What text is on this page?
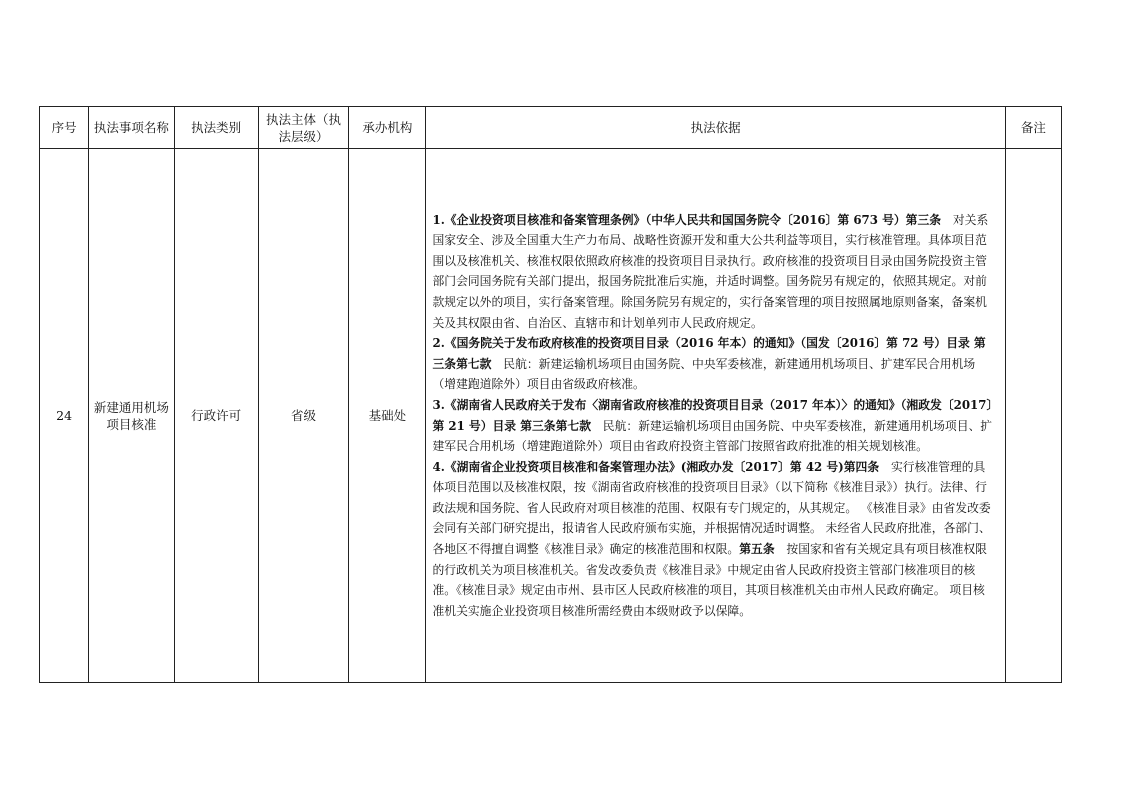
序号	执法事项名称	执法类别	执法主体（执法层级）	承办机构	执法依据	备注
24	新建通用机场项目核准	行政许可	省级	基础处	1.《企业投资项目核准和备案管理条例》（中华人民共和国国务院令〔2016〕第 673 号）第三条　对关系国家安全、涉及全国重大生产力布局、战略性资源开发和重大公共利益等项目，实行核准管理。具体项目范围以及核准机关、核准权限依照政府核准的投资项目目录执行。政府核准的投资项目目录由国务院投资主管部门会同国务院有关部门提出，报国务院批准后实施，并适时调整。国务院另有规定的，依照其规定。对前款规定以外的项目，实行备案管理。除国务院另有规定的，实行备案管理的项目按照属地原则备案，备案机关及其权限由省、自治区、直辖市和计划单列市人民政府规定。

2.《国务院关于发布政府核准的投资项目目录（2016 年本）的通知》（国发〔2016〕第 72 号）目录 第三条第七款　民航：新建运输机场项目由国务院、中央军委核准，新建通用机场项目、扩建军民合用机场（增建跑道除外）项目由省级政府核准。

3.《湖南省人民政府关于发布〈湖南省政府核准的投资项目目录（2017 年本）〉的通知》（湘政发〔2017〕第 21 号）目录 第三条第七款　民航：新建运输机场项目由国务院、中央军委核准，新建通用机场项目、扩建军民合用机场（增建跑道除外）项目由省政府投资主管部门按照省政府批准的相关规划核准。

4.《湖南省企业投资项目核准和备案管理办法》(湘政办发〔2017〕第 42 号)第四条　实行核准管理的具体项目范围以及核准权限，按《湖南省政府核准的投资项目目录》（以下简称《核准目录》）执行。法律、行政法规和国务院、省人民政府对项目核准的范围、权限有专门规定的，从其规定。 《核准目录》由省发改委会同有关部门研究提出，报请省人民政府颁布实施，并根据情况适时调整。 未经省人民政府批准，各部门、各地区不得擅自调整《核准目录》确定的核准范围和权限。第五条　按国家和省有关规定具有项目核准权限的行政机关为项目核准机关。省发改委负责《核准目录》中规定由省人民政府投资主管部门核准项目的核准。《核准目录》规定由市州、县市区人民政府核准的项目，其项目核准机关由市州人民政府确定。 项目核准机关实施企业投资项目核准所需经费由本级财政予以保障。	
